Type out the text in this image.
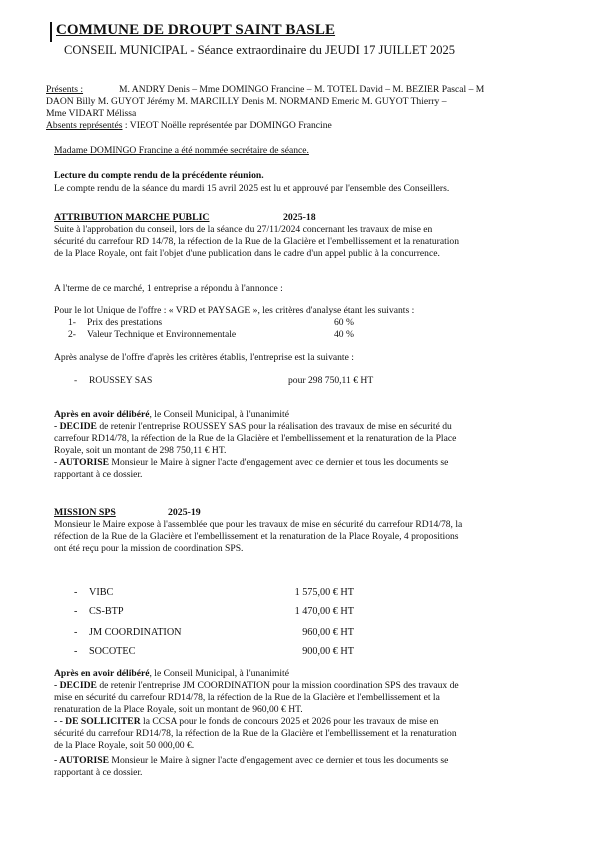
COMMUNE DE DROUPT SAINT BASLE
CONSEIL MUNICIPAL - Séance extraordinaire du JEUDI 17 JUILLET 2025
Présents :	M. ANDRY Denis – Mme DOMINGO Francine – M. TOTEL David – M. BEZIER Pascal – M
DAON Billy M. GUYOT Jérémy M. MARCILLY Denis M. NORMAND Emeric M. GUYOT Thierry –
Mme VIDART Mélissa
Absents représentés : VIEOT Noëlle représentée par DOMINGO Francine
Madame DOMINGO Francine a été nommée secrétaire de séance.
Lecture du compte rendu de la précédente réunion.
Le compte rendu de la séance du mardi 15 avril 2025 est lu et approuvé par l'ensemble des Conseillers.
ATTRIBUTION MARCHE PUBLIC	2025-18
Suite à l'approbation du conseil, lors de la séance du 27/11/2024 concernant les travaux de mise en
sécurité du carrefour RD 14/78, la réfection de la Rue de la Glacière et l'embellissement et la renaturation
de la Place Royale, ont fait l'objet d'une publication dans le cadre d'un appel public à la concurrence.
A l'terme de ce marché, 1 entreprise a répondu à l'annonce :
Pour le lot Unique de l'offre : « VRD et PAYSAGE », les critères d'analyse étant les suivants :
1- Prix des prestations	60 %
2- Valeur Technique et Environnementale	40 %
Après analyse de l'offre d'après les critères établis, l'entreprise est la suivante :
- ROUSSEY SAS	pour 298 750,11 € HT
Après en avoir délibéré, le Conseil Municipal, à l'unanimité
- DECIDE de retenir l'entreprise ROUSSEY SAS pour la réalisation des travaux de mise en sécurité du
carrefour RD14/78, la réfection de la Rue de la Glacière et l'embellissement et la renaturation de la Place
Royale, soit un montant de 298 750,11 € HT.
- AUTORISE Monsieur le Maire à signer l'acte d'engagement avec ce dernier et tous les documents se
rapportant à ce dossier.
MISSION SPS	2025-19
Monsieur le Maire expose à l'assemblée que pour les travaux de mise en sécurité du carrefour RD14/78, la
réfection de la Rue de la Glacière et l'embellissement et la renaturation de la Place Royale, 4 propositions
ont été reçu pour la mission de coordination SPS.
- VIBC	1 575,00 € HT
- CS-BTP	1 470,00 € HT
- JM COORDINATION	960,00 € HT
- SOCOTEC	900,00 € HT
Après en avoir délibéré, le Conseil Municipal, à l'unanimité
- DECIDE de retenir l'entreprise JM COORDINATION pour la mission coordination SPS des travaux de
mise en sécurité du carrefour RD14/78, la réfection de la Rue de la Glacière et l'embellissement et la
renaturation de la Place Royale, soit un montant de 960,00 € HT.
- - DE SOLLICITER la CCSA pour le fonds de concours 2025 et 2026 pour les travaux de mise en
sécurité du carrefour RD14/78, la réfection de la Rue de la Glacière et l'embellissement et la renaturation
de la Place Royale, soit 50 000,00 €.
- AUTORISE Monsieur le Maire à signer l'acte d'engagement avec ce dernier et tous les documents se
rapportant à ce dossier.
